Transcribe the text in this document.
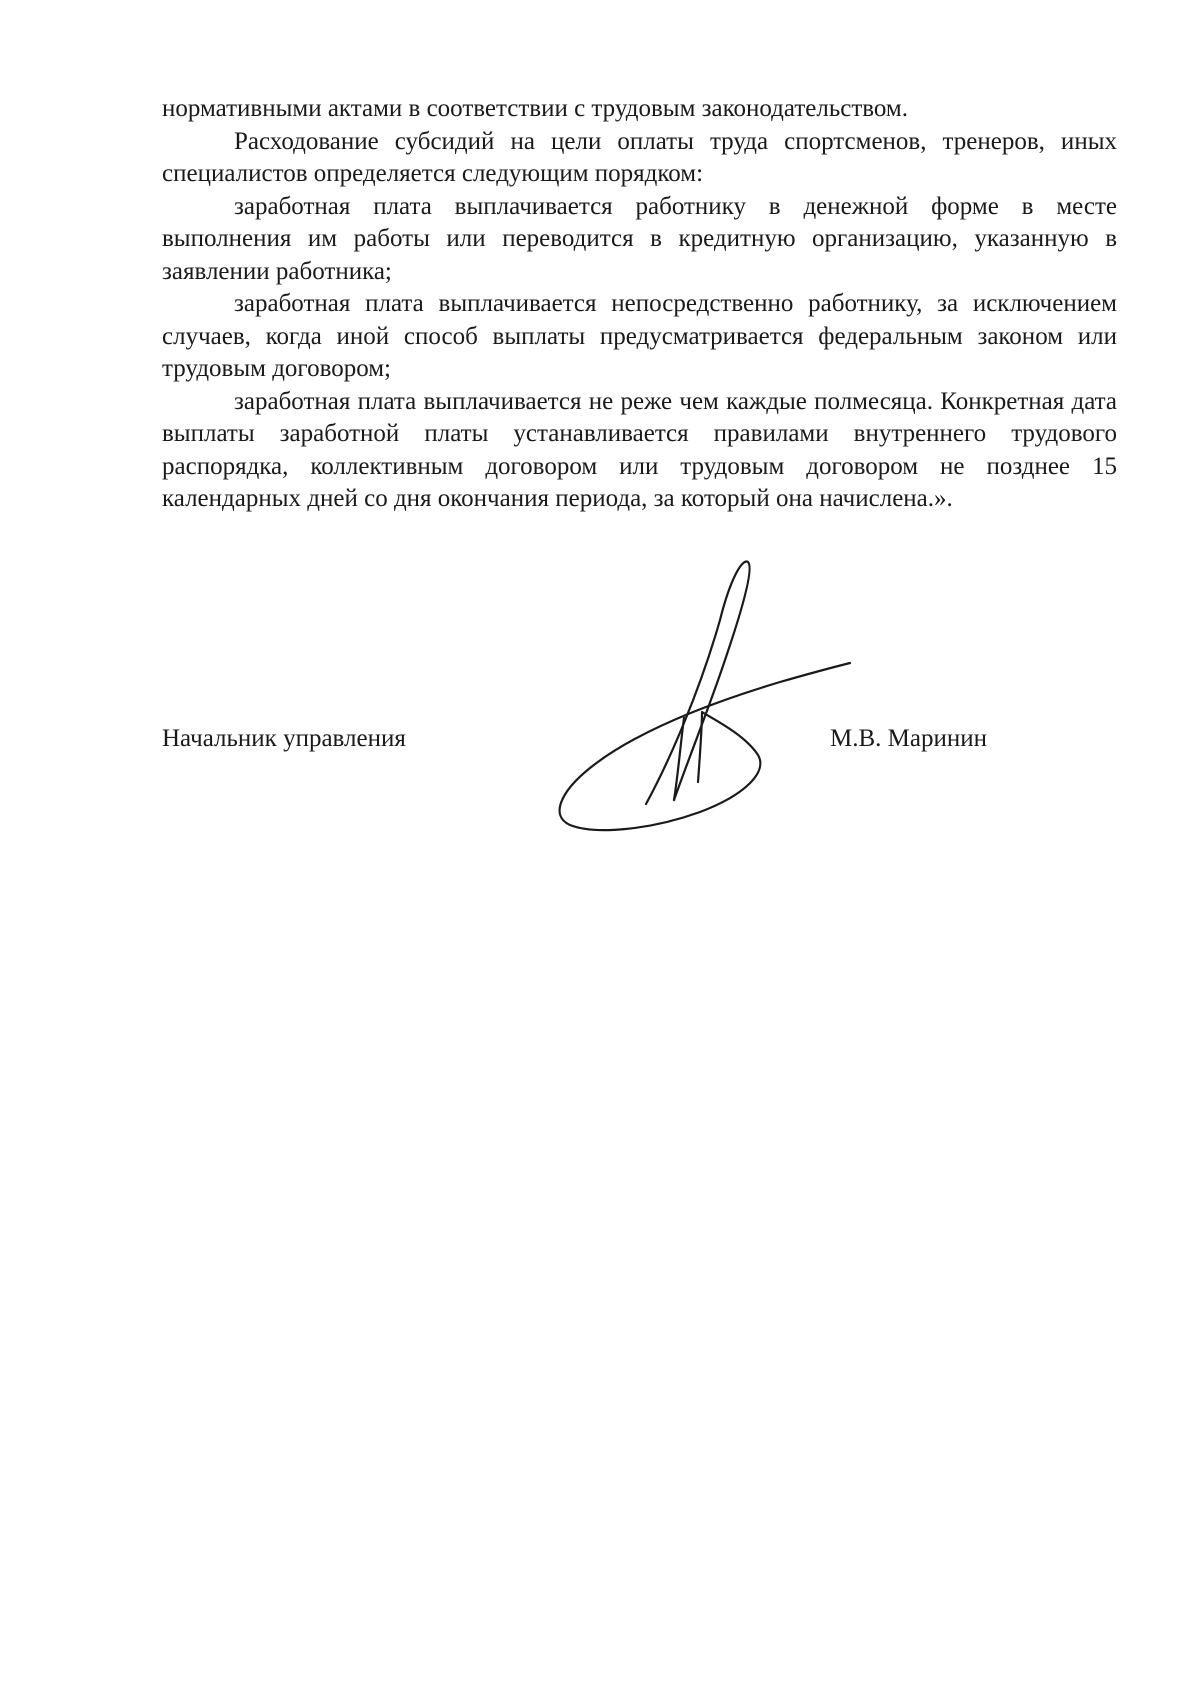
нормативными актами в соответствии с трудовым законодательством.

Расходование субсидий на цели оплаты труда спортсменов, тренеров, иных специалистов определяется следующим порядком:

заработная плата выплачивается работнику в денежной форме в месте выполнения им работы или переводится в кредитную организацию, указанную в заявлении работника;

заработная плата выплачивается непосредственно работнику, за исключением случаев, когда иной способ выплаты предусматривается федеральным законом или трудовым договором;

заработная плата выплачивается не реже чем каждые полмесяца. Конкретная дата выплаты заработной платы устанавливается правилами внутреннего трудового распорядка, коллективным договором или трудовым договором не позднее 15 календарных дней со дня окончания периода, за который она начислена.».

Начальник управления	М.В. Маринин
